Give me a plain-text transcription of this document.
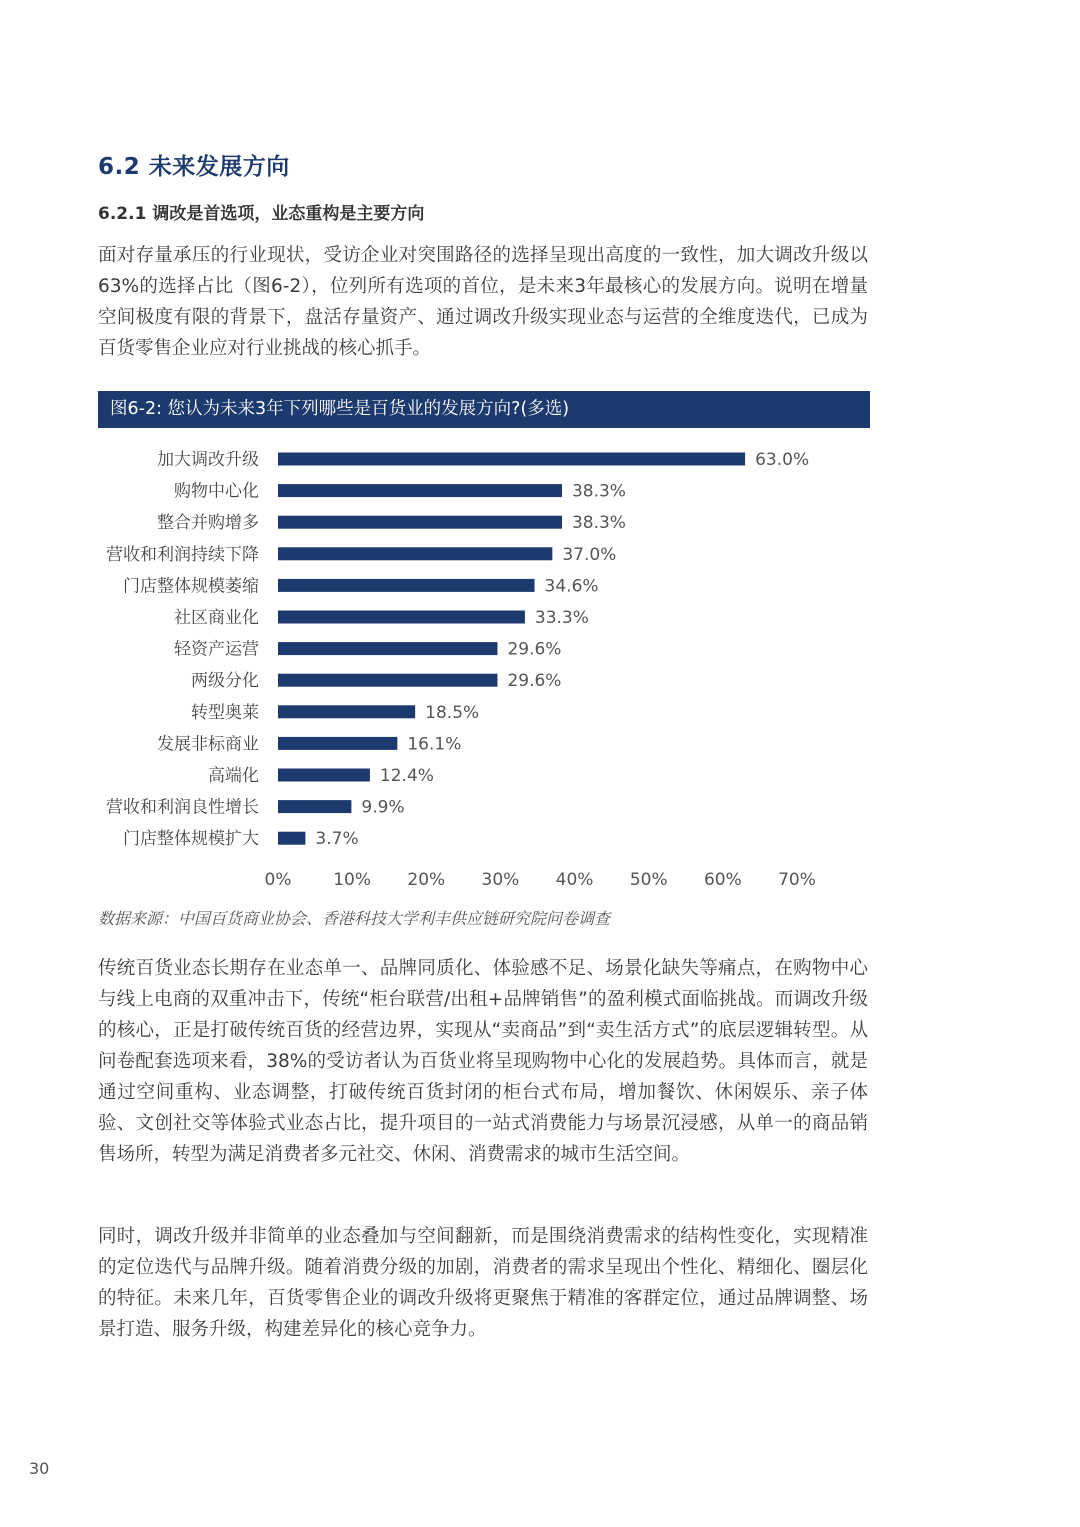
6.2 未来发展方向
6.2.1 调改是首选项，业态重构是主要方向

面对存量承压的行业现状，受访企业对突围路径的选择呈现出高度的一致性，加大调改升级以63%的选择占比（图6-2），位列所有选项的首位，是未来3年最核心的发展方向。说明在增量空间极度有限的背景下，盘活存量资产、通过调改升级实现业态与运营的全维度迭代，已成为百货零售企业应对行业挑战的核心抓手。

图6-2: 您认为未来3年下列哪些是百货业的发展方向?(多选)
加大调改升级	63.0%
购物中心化	38.3%
整合并购增多	38.3%
营收和利润持续下降	37.0%
门店整体规模萎缩	34.6%
社区商业化	33.3%
轻资产运营	29.6%
两级分化	29.6%
转型奥莱	18.5%
发展非标商业	16.1%
高端化	12.4%
营收和利润良性增长	9.9%
门店整体规模扩大	3.7%
0% 10% 20% 30% 40% 50% 60% 70%

数据来源：中国百货商业协会、香港科技大学利丰供应链研究院问卷调查

传统百货业态长期存在业态单一、品牌同质化、体验感不足、场景化缺失等痛点，在购物中心与线上电商的双重冲击下，传统“柜台联营/出租+品牌销售”的盈利模式面临挑战。而调改升级的核心，正是打破传统百货的经营边界，实现从“卖商品”到“卖生活方式”的底层逻辑转型。从问卷配套选项来看，38%的受访者认为百货业将呈现购物中心化的发展趋势。具体而言，就是通过空间重构、业态调整，打破传统百货封闭的柜台式布局，增加餐饮、休闲娱乐、亲子体验、文创社交等体验式业态占比，提升项目的一站式消费能力与场景沉浸感，从单一的商品销售场所，转型为满足消费者多元社交、休闲、消费需求的城市生活空间。

同时，调改升级并非简单的业态叠加与空间翻新，而是围绕消费需求的结构性变化，实现精准的定位迭代与品牌升级。随着消费分级的加剧，消费者的需求呈现出个性化、精细化、圈层化的特征。未来几年，百货零售企业的调改升级将更聚焦于精准的客群定位，通过品牌调整、场景打造、服务升级，构建差异化的核心竞争力。

30
